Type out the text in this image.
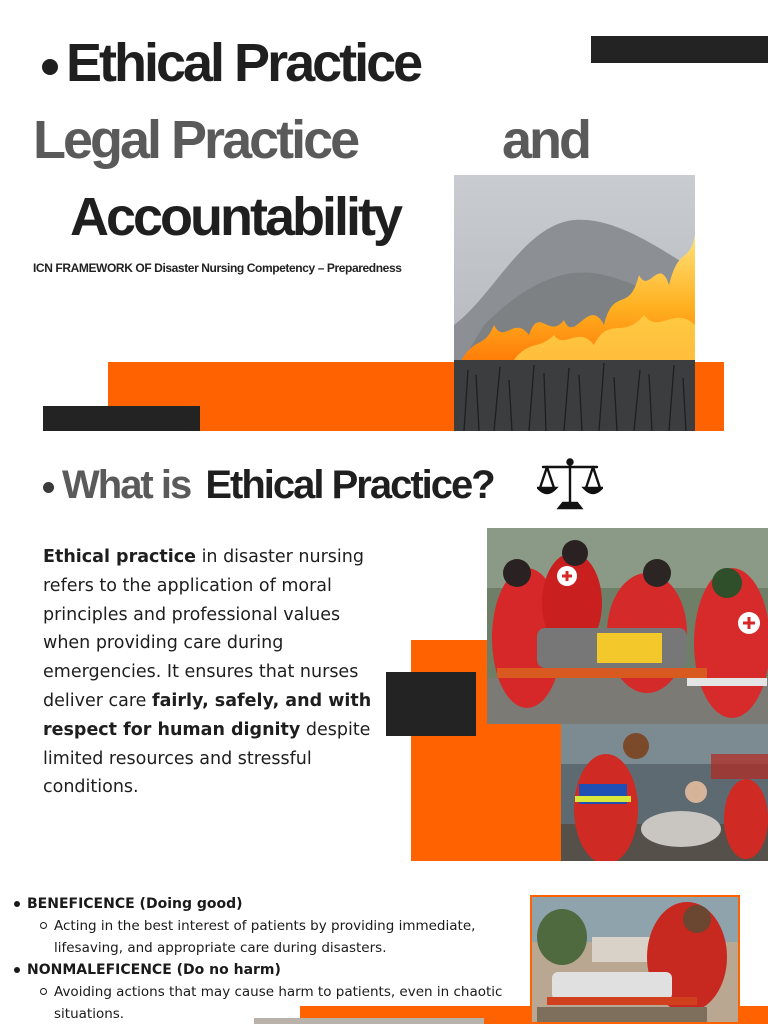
Ethical Practice
Legal Practice	and
Accountability
ICN FRAMEWORK OF Disaster Nursing Competency – Preparedness
What is Ethical Practice?
Ethical practice in disaster nursing refers to the application of moral principles and professional values when providing care during emergencies. It ensures that nurses deliver care fairly, safely, and with respect for human dignity despite limited resources and stressful conditions.
BENEFICENCE (Doing good)
Acting in the best interest of patients by providing immediate, lifesaving, and appropriate care during disasters.
NONMALEFICENCE (Do no harm)
Avoiding actions that may cause harm to patients, even in chaotic situations.
